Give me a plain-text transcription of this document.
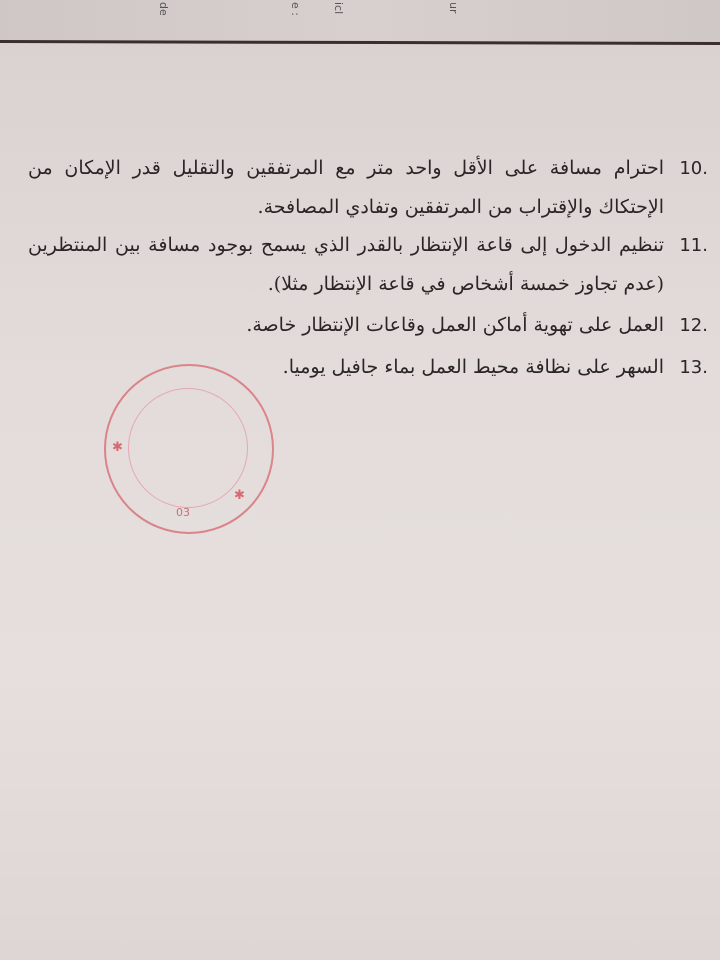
de	e :	icl	ur
10.
احترام مسافة على الأقل واحد متر مع المرتفقين والتقليل قدر الإمكان من الإحتكاك والإقتراب من المرتفقين وتفادي المصافحة.
11.
تنظيم الدخول إلى قاعة الإنتظار بالقدر الذي يسمح بوجود مسافة بين المنتظرين (عدم تجاوز خمسة أشخاص في قاعة الإنتظار مثلا).
12.
العمل على تهوية أماكن العمل وقاعات الإنتظار خاصة.
13.
السهر على نظافة محيط العمل بماء جافيل يوميا.
✱
✱
03
